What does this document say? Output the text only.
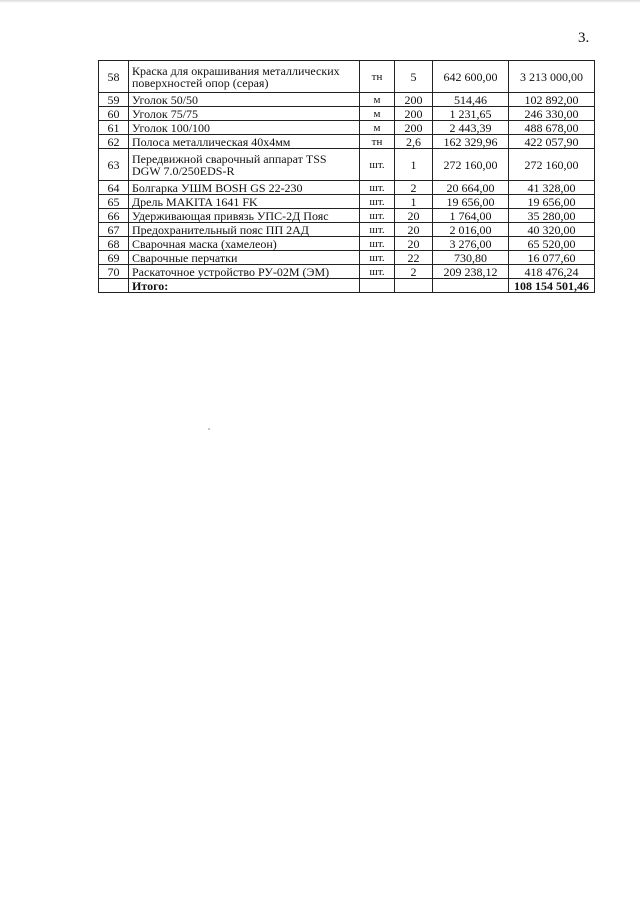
3.
58	Краска для окрашивания металлических поверхностей опор (серая)	тн	5	642 600,00	3 213 000,00
59	Уголок 50/50	м	200	514,46	102 892,00
60	Уголок 75/75	м	200	1 231,65	246 330,00
61	Уголок 100/100	м	200	2 443,39	488 678,00
62	Полоса металлическая 40х4мм	тн	2,6	162 329,96	422 057,90
63	Передвижной сварочный аппарат TSS DGW 7.0/250EDS-R	шт.	1	272 160,00	272 160,00
64	Болгарка УШМ BOSH GS 22-230	шт.	2	20 664,00	41 328,00
65	Дрель MAKITA 1641 FK	шт.	1	19 656,00	19 656,00
66	Удерживающая привязь УПС-2Д Пояс	шт.	20	1 764,00	35 280,00
67	Предохранительный пояс ПП 2АД	шт.	20	2 016,00	40 320,00
68	Сварочная маска (хамелеон)	шт.	20	3 276,00	65 520,00
69	Сварочные перчатки	шт.	22	730,80	16 077,60
70	Раскаточное устройство РУ-02М (ЭМ)	шт.	2	209 238,12	418 476,24
	Итого:				108 154 501,46
